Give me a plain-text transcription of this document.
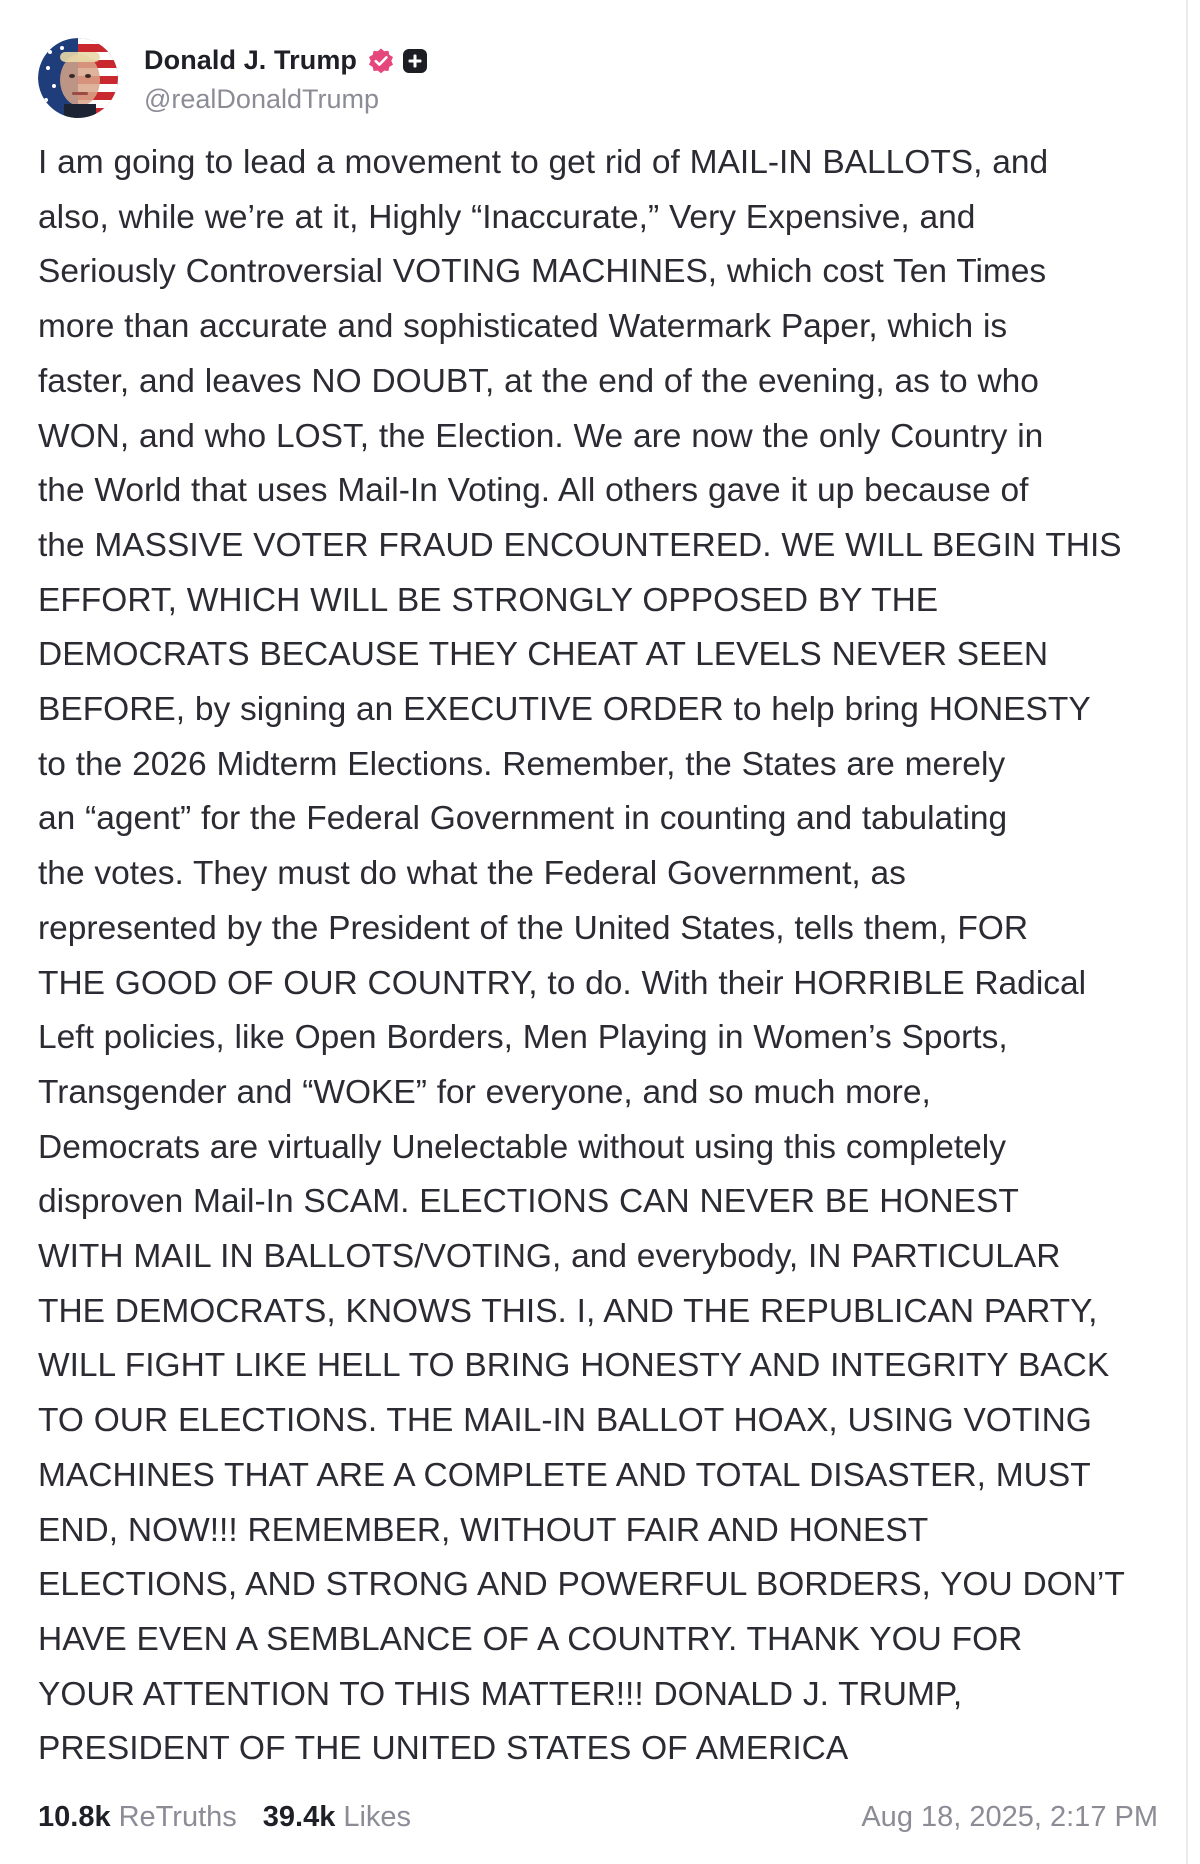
Donald J. Trump
@realDonaldTrump
I am going to lead a movement to get rid of MAIL-IN BALLOTS, and
also, while we’re at it, Highly “Inaccurate,” Very Expensive, and
Seriously Controversial VOTING MACHINES, which cost Ten Times
more than accurate and sophisticated Watermark Paper, which is
faster, and leaves NO DOUBT, at the end of the evening, as to who
WON, and who LOST, the Election. We are now the only Country in
the World that uses Mail-In Voting. All others gave it up because of
the MASSIVE VOTER FRAUD ENCOUNTERED. WE WILL BEGIN THIS
EFFORT, WHICH WILL BE STRONGLY OPPOSED BY THE
DEMOCRATS BECAUSE THEY CHEAT AT LEVELS NEVER SEEN
BEFORE, by signing an EXECUTIVE ORDER to help bring HONESTY
to the 2026 Midterm Elections. Remember, the States are merely
an “agent” for the Federal Government in counting and tabulating
the votes. They must do what the Federal Government, as
represented by the President of the United States, tells them, FOR
THE GOOD OF OUR COUNTRY, to do. With their HORRIBLE Radical
Left policies, like Open Borders, Men Playing in Women’s Sports,
Transgender and “WOKE” for everyone, and so much more,
Democrats are virtually Unelectable without using this completely
disproven Mail-In SCAM. ELECTIONS CAN NEVER BE HONEST
WITH MAIL IN BALLOTS/VOTING, and everybody, IN PARTICULAR
THE DEMOCRATS, KNOWS THIS. I, AND THE REPUBLICAN PARTY,
WILL FIGHT LIKE HELL TO BRING HONESTY AND INTEGRITY BACK
TO OUR ELECTIONS. THE MAIL-IN BALLOT HOAX, USING VOTING
MACHINES THAT ARE A COMPLETE AND TOTAL DISASTER, MUST
END, NOW!!! REMEMBER, WITHOUT FAIR AND HONEST
ELECTIONS, AND STRONG AND POWERFUL BORDERS, YOU DON’T
HAVE EVEN A SEMBLANCE OF A COUNTRY. THANK YOU FOR
YOUR ATTENTION TO THIS MATTER!!! DONALD J. TRUMP,
PRESIDENT OF THE UNITED STATES OF AMERICA
10.8k ReTruths 39.4k Likes	Aug 18, 2025, 2:17 PM
